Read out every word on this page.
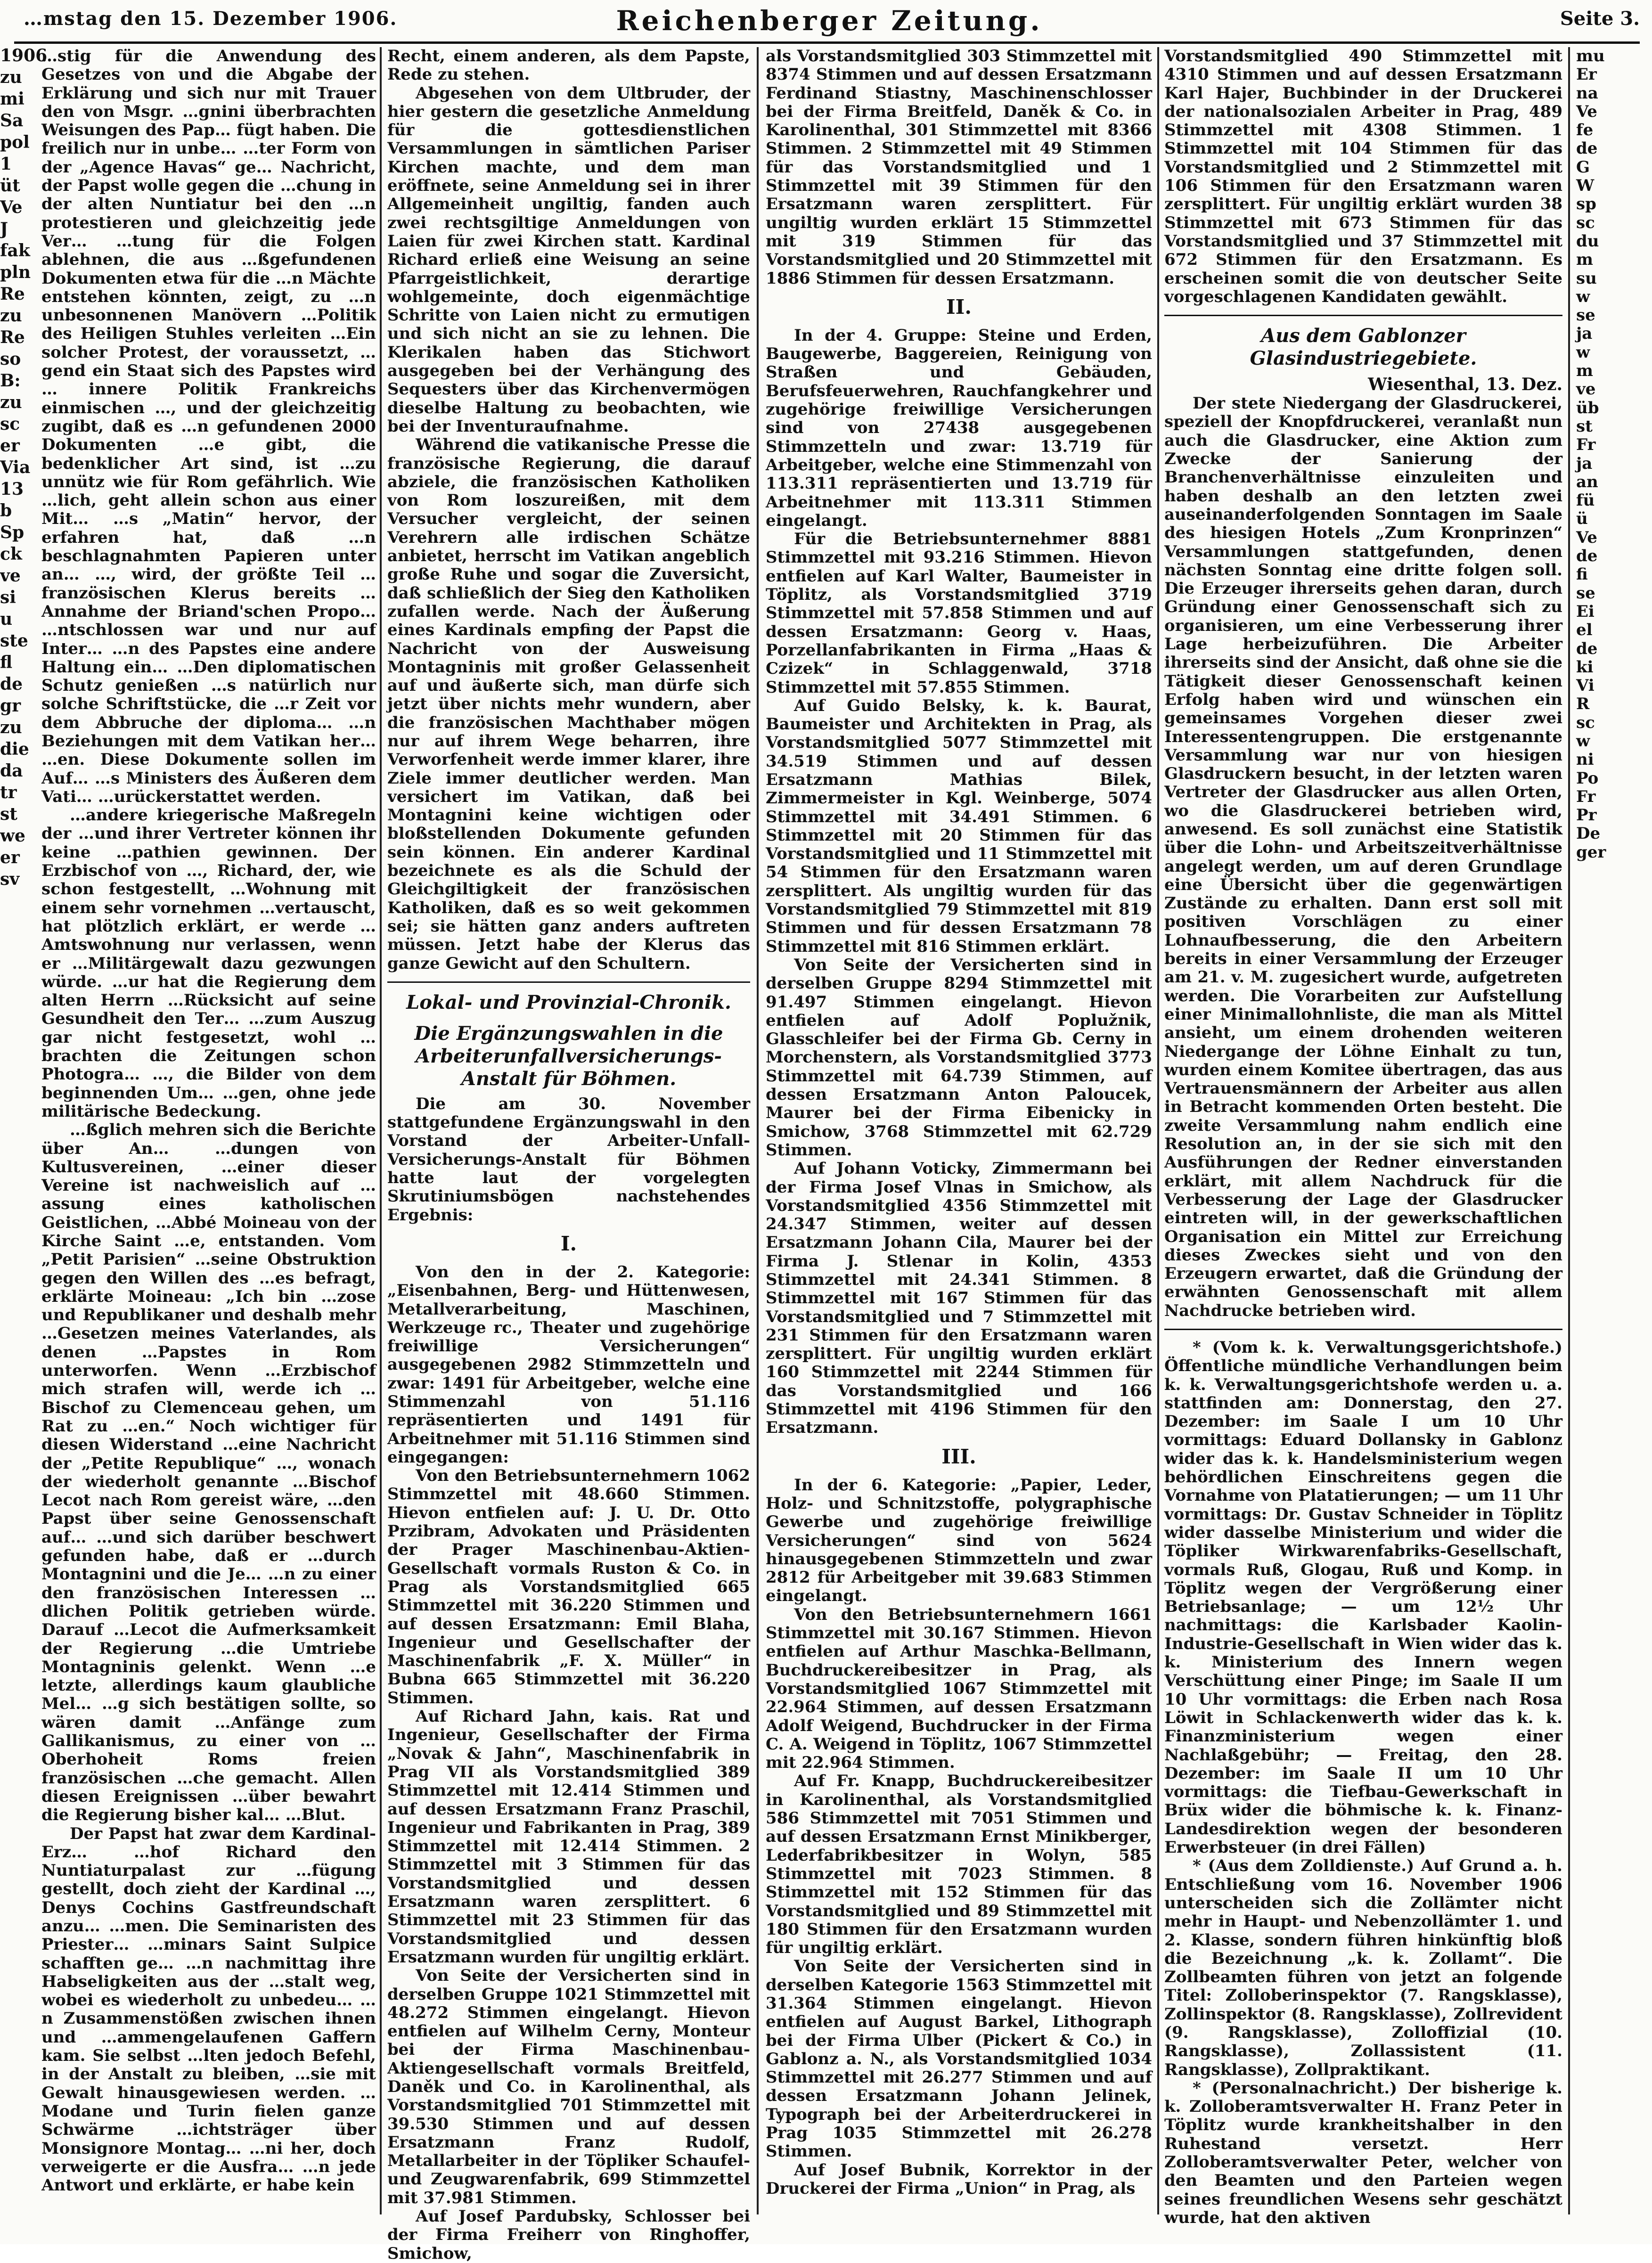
…mstag den 15. Dezember 1906.	Reichenberger Zeitung.	Seite 3.
1906
zu
mi
Sa
pol
1
üt
Ve
J
fak
pln
Re
zu
Re
so
B:
zu
sc
er
Via
13
b
Sp
ck
ve
si
u
ste
fl
de
gr
zu
die
da
tr
st
we
er
sv

…stig für die Anwendung des Gesetzes von und die Abgabe der Erklärung und sich nur mit Trauer den von Msgr. …gnini überbrachten Weisungen des Pap… fügt haben. Die freilich nur in unbe… …ter Form von der „Agence Havas“ ge… Nachricht, der Papst wolle gegen die …chung in der alten Nuntiatur bei den …n protestieren und gleichzeitig jede Ver… …tung für die Folgen ablehnen, die aus …ßgefundenen Dokumenten etwa für die …n Mächte entstehen könnten, zeigt, zu …n unbesonnenen Manövern …Politik des Heiligen Stuhles verleiten …Ein solcher Protest, der voraussetzt, …gend ein Staat sich des Papstes wird … innere Politik Frankreichs einmischen …, und der gleichzeitig zugibt, daß es …n gefundenen 2000 Dokumenten …e gibt, die bedenklicher Art sind, ist …zu unnütz wie für Rom gefährlich. Wie …lich, geht allein schon aus einer Mit… …s „Matin“ hervor, der erfahren hat, daß …n beschlagnahmten Papieren unter an… …, wird, der größte Teil …französischen Klerus bereits …Annahme der Briand'schen Propo… …ntschlossen war und nur auf Inter… …n des Papstes eine andere Haltung ein… …Den diplomatischen Schutz genießen …s natürlich nur solche Schriftstücke, die …r Zeit vor dem Abbruche der diploma… …n Beziehungen mit dem Vatikan her… …en. Diese Dokumente sollen im Auf… …s Ministers des Äußeren dem Vati… …urückerstattet werden.

…andere kriegerische Maßregeln der …und ihrer Vertreter können ihr keine …pathien gewinnen. Der Erzbischof von …, Richard, der, wie schon festgestellt, …Wohnung mit einem sehr vornehmen …vertauscht, hat plötzlich erklärt, er werde …Amtswohnung nur verlassen, wenn er …Militärgewalt dazu gezwungen würde. …ur hat die Regierung dem alten Herrn …Rücksicht auf seine Gesundheit den Ter… …zum Auszug gar nicht festgesetzt, wohl …brachten die Zeitungen schon Photogra… …, die Bilder von dem beginnenden Um… …gen, ohne jede militärische Bedeckung.

…ßglich mehren sich die Berichte über An… …dungen von Kultusvereinen, …einer dieser Vereine ist nachweislich auf …assung eines katholischen Geistlichen, …Abbé Moineau von der Kirche Saint …e, entstanden. Vom „Petit Parisien“ …seine Obstruktion gegen den Willen des …es befragt, erklärte Moineau: „Ich bin …zose und Republikaner und deshalb mehr …Gesetzen meines Vaterlandes, als denen …Papstes in Rom unterworfen. Wenn …Erzbischof mich strafen will, werde ich …Bischof zu Clemenceau gehen, um Rat zu …en.“ Noch wichtiger für diesen Widerstand …eine Nachricht der „Petite Republique“ …, wonach der wiederholt genannte …Bischof Lecot nach Rom gereist wäre, …den Papst über seine Genossenschaft auf… …und sich darüber beschwert gefunden habe, daß er …durch Montagnini und die Je… …n zu einer den französischen Interessen …dlichen Politik getrieben würde. Darauf …Lecot die Aufmerksamkeit der Regierung …die Umtriebe Montagninis gelenkt. Wenn …e letzte, allerdings kaum glaubliche Mel… …g sich bestätigen sollte, so wären damit …Anfänge zum Gallikanismus, zu einer von …Oberhoheit Roms freien französischen …che gemacht. Allen diesen Ereignissen …über bewahrt die Regierung bisher kal… …Blut.

Der Papst hat zwar dem Kardinal-Erz… …hof Richard den Nuntiaturpalast zur …fügung gestellt, doch zieht der Kardinal …, Denys Cochins Gastfreundschaft anzu… …men. Die Seminaristen des Priester… …minars Saint Sulpice schafften ge… …n nachmittag ihre Habseligkeiten aus der …stalt weg, wobei es wiederholt zu unbedeu… …n Zusammenstößen zwischen ihnen und …ammengelaufenen Gaffern kam. Sie selbst …lten jedoch Befehl, in der Anstalt zu bleiben, …sie mit Gewalt hinausgewiesen werden. …Modane und Turin fielen ganze Schwärme …ichtsträger über Monsignore Montag… …ni her, doch verweigerte er die Ausfra… …n jede Antwort und erklärte, er habe kein

Recht, einem anderen, als dem Papste, Rede zu stehen.

Abgesehen von dem Ultbruder, der hier gestern die gesetzliche Anmeldung für die gottesdienstlichen Versammlungen in sämtlichen Pariser Kirchen machte, und dem man eröffnete, seine Anmeldung sei in ihrer Allgemeinheit ungiltig, fanden auch zwei rechtsgiltige Anmeldungen von Laien für zwei Kirchen statt. Kardinal Richard erließ eine Weisung an seine Pfarrgeistlichkeit, derartige wohlgemeinte, doch eigenmächtige Schritte von Laien nicht zu ermutigen und sich nicht an sie zu lehnen. Die Klerikalen haben das Stichwort ausgegeben bei der Verhängung des Sequesters über das Kirchenvermögen dieselbe Haltung zu beobachten, wie bei der Inventuraufnahme.

Während die vatikanische Presse die französische Regierung, die darauf abziele, die französischen Katholiken von Rom loszureißen, mit dem Versucher vergleicht, der seinen Verehrern alle irdischen Schätze anbietet, herrscht im Vatikan angeblich große Ruhe und sogar die Zuversicht, daß schließlich der Sieg den Katholiken zufallen werde. Nach der Äußerung eines Kardinals empfing der Papst die Nachricht von der Ausweisung Montagninis mit großer Gelassenheit auf und äußerte sich, man dürfe sich jetzt über nichts mehr wundern, aber die französischen Machthaber mögen nur auf ihrem Wege beharren, ihre Verworfenheit werde immer klarer, ihre Ziele immer deutlicher werden. Man versichert im Vatikan, daß bei Montagnini keine wichtigen oder bloßstellenden Dokumente gefunden sein können. Ein anderer Kardinal bezeichnete es als die Schuld der Gleichgiltigkeit der französischen Katholiken, daß es so weit gekommen sei; sie hätten ganz anders auftreten müssen. Jetzt habe der Klerus das ganze Gewicht auf den Schultern.

Lokal- und Provinzial-Chronik.
Die Ergänzungswahlen in die Arbeiterunfallversicherungs-Anstalt für Böhmen.

Die am 30. November stattgefundene Ergänzungswahl in den Vorstand der Arbeiter-Unfall-Versicherungs-Anstalt für Böhmen hatte laut der vorgelegten Skrutiniumsbögen nachstehendes Ergebnis:

I.

Von den in der 2. Kategorie: „Eisenbahnen, Berg- und Hüttenwesen, Metallverarbeitung, Maschinen, Werkzeuge rc., Theater und zugehörige freiwillige Versicherungen“ ausgegebenen 2982 Stimmzetteln und zwar: 1491 für Arbeitgeber, welche eine Stimmenzahl von 51.116 repräsentierten und 1491 für Arbeitnehmer mit 51.116 Stimmen sind eingegangen:

Von den Betriebsunternehmern 1062 Stimmzettel mit 48.660 Stimmen. Hievon entfielen auf: J. U. Dr. Otto Przibram, Advokaten und Präsidenten der Prager Maschinenbau-Aktien-Gesellschaft vormals Ruston & Co. in Prag als Vorstandsmitglied 665 Stimmzettel mit 36.220 Stimmen und auf dessen Ersatzmann: Emil Blaha, Ingenieur und Gesellschafter der Maschinenfabrik „F. X. Müller“ in Bubna 665 Stimmzettel mit 36.220 Stimmen.

Auf Richard Jahn, kais. Rat und Ingenieur, Gesellschafter der Firma „Novak & Jahn“, Maschinenfabrik in Prag VII als Vorstandsmitglied 389 Stimmzettel mit 12.414 Stimmen und auf dessen Ersatzmann Franz Praschil, Ingenieur und Fabrikanten in Prag, 389 Stimmzettel mit 12.414 Stimmen. 2 Stimmzettel mit 3 Stimmen für das Vorstandsmitglied und dessen Ersatzmann waren zersplittert. 6 Stimmzettel mit 23 Stimmen für das Vorstandsmitglied und dessen Ersatzmann wurden für ungiltig erklärt.

Von Seite der Versicherten sind in derselben Gruppe 1021 Stimmzettel mit 48.272 Stimmen eingelangt. Hievon entfielen auf Wilhelm Cerny, Monteur bei der Firma Maschinenbau-Aktiengesellschaft vormals Breitfeld, Daněk und Co. in Karolinenthal, als Vorstandsmitglied 701 Stimmzettel mit 39.530 Stimmen und auf dessen Ersatzmann Franz Rudolf, Metallarbeiter in der Töpliker Schaufel- und Zeugwarenfabrik, 699 Stimmzettel mit 37.981 Stimmen.

Auf Josef Pardubsky, Schlosser bei der Firma Freiherr von Ringhoffer, Smichow,

als Vorstandsmitglied 303 Stimmzettel mit 8374 Stimmen und auf dessen Ersatzmann Ferdinand Stiastny, Maschinenschlosser bei der Firma Breitfeld, Daněk & Co. in Karolinenthal, 301 Stimmzettel mit 8366 Stimmen. 2 Stimmzettel mit 49 Stimmen für das Vorstandsmitglied und 1 Stimmzettel mit 39 Stimmen für den Ersatzmann waren zersplittert. Für ungiltig wurden erklärt 15 Stimmzettel mit 319 Stimmen für das Vorstandsmitglied und 20 Stimmzettel mit 1886 Stimmen für dessen Ersatzmann.

II.

In der 4. Gruppe: Steine und Erden, Baugewerbe, Baggereien, Reinigung von Straßen und Gebäuden, Berufsfeuerwehren, Rauchfangkehrer und zugehörige freiwillige Versicherungen sind von 27438 ausgegebenen Stimmzetteln und zwar: 13.719 für Arbeitgeber, welche eine Stimmenzahl von 113.311 repräsentierten und 13.719 für Arbeitnehmer mit 113.311 Stimmen eingelangt.

Für die Betriebsunternehmer 8881 Stimmzettel mit 93.216 Stimmen. Hievon entfielen auf Karl Walter, Baumeister in Töplitz, als Vorstandsmitglied 3719 Stimmzettel mit 57.858 Stimmen und auf dessen Ersatzmann: Georg v. Haas, Porzellanfabrikanten in Firma „Haas & Czizek“ in Schlaggenwald, 3718 Stimmzettel mit 57.855 Stimmen.

Auf Guido Belsky, k. k. Baurat, Baumeister und Architekten in Prag, als Vorstandsmitglied 5077 Stimmzettel mit 34.519 Stimmen und auf dessen Ersatzmann Mathias Bilek, Zimmermeister in Kgl. Weinberge, 5074 Stimmzettel mit 34.491 Stimmen. 6 Stimmzettel mit 20 Stimmen für das Vorstandsmitglied und 11 Stimmzettel mit 54 Stimmen für den Ersatzmann waren zersplittert. Als ungiltig wurden für das Vorstandsmitglied 79 Stimmzettel mit 819 Stimmen und für dessen Ersatzmann 78 Stimmzettel mit 816 Stimmen erklärt.

Von Seite der Versicherten sind in derselben Gruppe 8294 Stimmzettel mit 91.497 Stimmen eingelangt. Hievon entfielen auf Adolf Poplužnik, Glasschleifer bei der Firma Gb. Cerny in Morchenstern, als Vorstandsmitglied 3773 Stimmzettel mit 64.739 Stimmen, auf dessen Ersatzmann Anton Paloucek, Maurer bei der Firma Eibenicky in Smichow, 3768 Stimmzettel mit 62.729 Stimmen.

Auf Johann Voticky, Zimmermann bei der Firma Josef Vlnas in Smichow, als Vorstandsmitglied 4356 Stimmzettel mit 24.347 Stimmen, weiter auf dessen Ersatzmann Johann Cila, Maurer bei der Firma J. Stlenar in Kolin, 4353 Stimmzettel mit 24.341 Stimmen. 8 Stimmzettel mit 167 Stimmen für das Vorstandsmitglied und 7 Stimmzettel mit 231 Stimmen für den Ersatzmann waren zersplittert. Für ungiltig wurden erklärt 160 Stimmzettel mit 2244 Stimmen für das Vorstandsmitglied und 166 Stimmzettel mit 4196 Stimmen für den Ersatzmann.

III.

In der 6. Kategorie: „Papier, Leder, Holz- und Schnitzstoffe, polygraphische Gewerbe und zugehörige freiwillige Versicherungen“ sind von 5624 hinausgegebenen Stimmzetteln und zwar 2812 für Arbeitgeber mit 39.683 Stimmen eingelangt.

Von den Betriebsunternehmern 1661 Stimmzettel mit 30.167 Stimmen. Hievon entfielen auf Arthur Maschka-Bellmann, Buchdruckereibesitzer in Prag, als Vorstandsmitglied 1067 Stimmzettel mit 22.964 Stimmen, auf dessen Ersatzmann Adolf Weigend, Buchdrucker in der Firma C. A. Weigend in Töplitz, 1067 Stimmzettel mit 22.964 Stimmen.

Auf Fr. Knapp, Buchdruckereibesitzer in Karolinenthal, als Vorstandsmitglied 586 Stimmzettel mit 7051 Stimmen und auf dessen Ersatzmann Ernst Minikberger, Lederfabrikbesitzer in Wolyn, 585 Stimmzettel mit 7023 Stimmen. 8 Stimmzettel mit 152 Stimmen für das Vorstandsmitglied und 89 Stimmzettel mit 180 Stimmen für den Ersatzmann wurden für ungiltig erklärt.

Von Seite der Versicherten sind in derselben Kategorie 1563 Stimmzettel mit 31.364 Stimmen eingelangt. Hievon entfielen auf August Barkel, Lithograph bei der Firma Ulber (Pickert & Co.) in Gablonz a. N., als Vorstandsmitglied 1034 Stimmzettel mit 26.277 Stimmen und auf dessen Ersatzmann Johann Jelinek, Typograph bei der Arbeiterdruckerei in Prag 1035 Stimmzettel mit 26.278 Stimmen.

Auf Josef Bubnik, Korrektor in der Druckerei der Firma „Union“ in Prag, als

Vorstandsmitglied 490 Stimmzettel mit 4310 Stimmen und auf dessen Ersatzmann Karl Hajer, Buchbinder in der Druckerei der nationalsozialen Arbeiter in Prag, 489 Stimmzettel mit 4308 Stimmen. 1 Stimmzettel mit 104 Stimmen für das Vorstandsmitglied und 2 Stimmzettel mit 106 Stimmen für den Ersatzmann waren zersplittert. Für ungiltig erklärt wurden 38 Stimmzettel mit 673 Stimmen für das Vorstandsmitglied und 37 Stimmzettel mit 672 Stimmen für den Ersatzmann. Es erscheinen somit die von deutscher Seite vorgeschlagenen Kandidaten gewählt.

Aus dem Gablonzer Glasindustriegebiete.
Wiesenthal, 13. Dez.

Der stete Niedergang der Glasdruckerei, speziell der Knopfdruckerei, veranlaßt nun auch die Glasdrucker, eine Aktion zum Zwecke der Sanierung der Branchenverhältnisse einzuleiten und haben deshalb an den letzten zwei auseinanderfolgenden Sonntagen im Saale des hiesigen Hotels „Zum Kronprinzen“ Versammlungen stattgefunden, denen nächsten Sonntag eine dritte folgen soll. Die Erzeuger ihrerseits gehen daran, durch Gründung einer Genossenschaft sich zu organisieren, um eine Verbesserung ihrer Lage herbeizuführen. Die Arbeiter ihrerseits sind der Ansicht, daß ohne sie die Tätigkeit dieser Genossenschaft keinen Erfolg haben wird und wünschen ein gemeinsames Vorgehen dieser zwei Interessentengruppen. Die erstgenannte Versammlung war nur von hiesigen Glasdruckern besucht, in der letzten waren Vertreter der Glasdrucker aus allen Orten, wo die Glasdruckerei betrieben wird, anwesend. Es soll zunächst eine Statistik über die Lohn- und Arbeitszeitverhältnisse angelegt werden, um auf deren Grundlage eine Übersicht über die gegenwärtigen Zustände zu erhalten. Dann erst soll mit positiven Vorschlägen zu einer Lohnaufbesserung, die den Arbeitern bereits in einer Versammlung der Erzeuger am 21. v. M. zugesichert wurde, aufgetreten werden. Die Vorarbeiten zur Aufstellung einer Minimallohnliste, die man als Mittel ansieht, um einem drohenden weiteren Niedergange der Löhne Einhalt zu tun, wurden einem Komitee übertragen, das aus Vertrauensmännern der Arbeiter aus allen in Betracht kommenden Orten besteht. Die zweite Versammlung nahm endlich eine Resolution an, in der sie sich mit den Ausführungen der Redner einverstanden erklärt, mit allem Nachdruck für die Verbesserung der Lage der Glasdrucker eintreten will, in der gewerkschaftlichen Organisation ein Mittel zur Erreichung dieses Zweckes sieht und von den Erzeugern erwartet, daß die Gründung der erwähnten Genossenschaft mit allem Nachdrucke betrieben wird.

* (Vom k. k. Verwaltungsgerichtshofe.) Öffentliche mündliche Verhandlungen beim k. k. Verwaltungsgerichtshofe werden u. a. stattfinden am: Donnerstag, den 27. Dezember: im Saale I um 10 Uhr vormittags: Eduard Dollansky in Gablonz wider das k. k. Handelsministerium wegen behördlichen Einschreitens gegen die Vornahme von Platatierungen; — um 11 Uhr vormittags: Dr. Gustav Schneider in Töplitz wider dasselbe Ministerium und wider die Töpliker Wirkwarenfabriks-Gesellschaft, vormals Ruß, Glogau, Ruß und Komp. in Töplitz wegen der Vergrößerung einer Betriebsanlage; — um 12½ Uhr nachmittags: die Karlsbader Kaolin-Industrie-Gesellschaft in Wien wider das k. k. Ministerium des Innern wegen Verschüttung einer Pinge; im Saale II um 10 Uhr vormittags: die Erben nach Rosa Löwit in Schlackenwerth wider das k. k. Finanzministerium wegen einer Nachlaßgebühr; — Freitag, den 28. Dezember: im Saale II um 10 Uhr vormittags: die Tiefbau-Gewerkschaft in Brüx wider die böhmische k. k. Finanz-Landesdirektion wegen der besonderen Erwerbsteuer (in drei Fällen)

* (Aus dem Zolldienste.) Auf Grund a. h. Entschließung vom 16. November 1906 unterscheiden sich die Zollämter nicht mehr in Haupt- und Nebenzollämter 1. und 2. Klasse, sondern führen hinkünftig bloß die Bezeichnung „k. k. Zollamt“. Die Zollbeamten führen von jetzt an folgende Titel: Zolloberinspektor (7. Rangsklasse), Zollinspektor (8. Rangsklasse), Zollrevident (9. Rangsklasse), Zolloffizial (10. Rangsklasse), Zollassistent (11. Rangsklasse), Zollpraktikant.

* (Personalnachricht.) Der bisherige k. k. Zolloberamtsverwalter H. Franz Peter in Töplitz wurde krankheitshalber in den Ruhestand versetzt. Herr Zolloberamtsverwalter Peter, welcher von den Beamten und den Parteien wegen seines freundlichen Wesens sehr geschätzt wurde, hat den aktiven

mu
Er
na
Ve
fe
de
G
W
sp
sc
du
m
su
w
se
ja
w
m
ve
üb
st
Fr
ja
an
fü
ü
Ve
de
fi
se
Ei
el
de
ki
Vi
R
sc
w
ni
Po
Fr
Pr
De
ger
